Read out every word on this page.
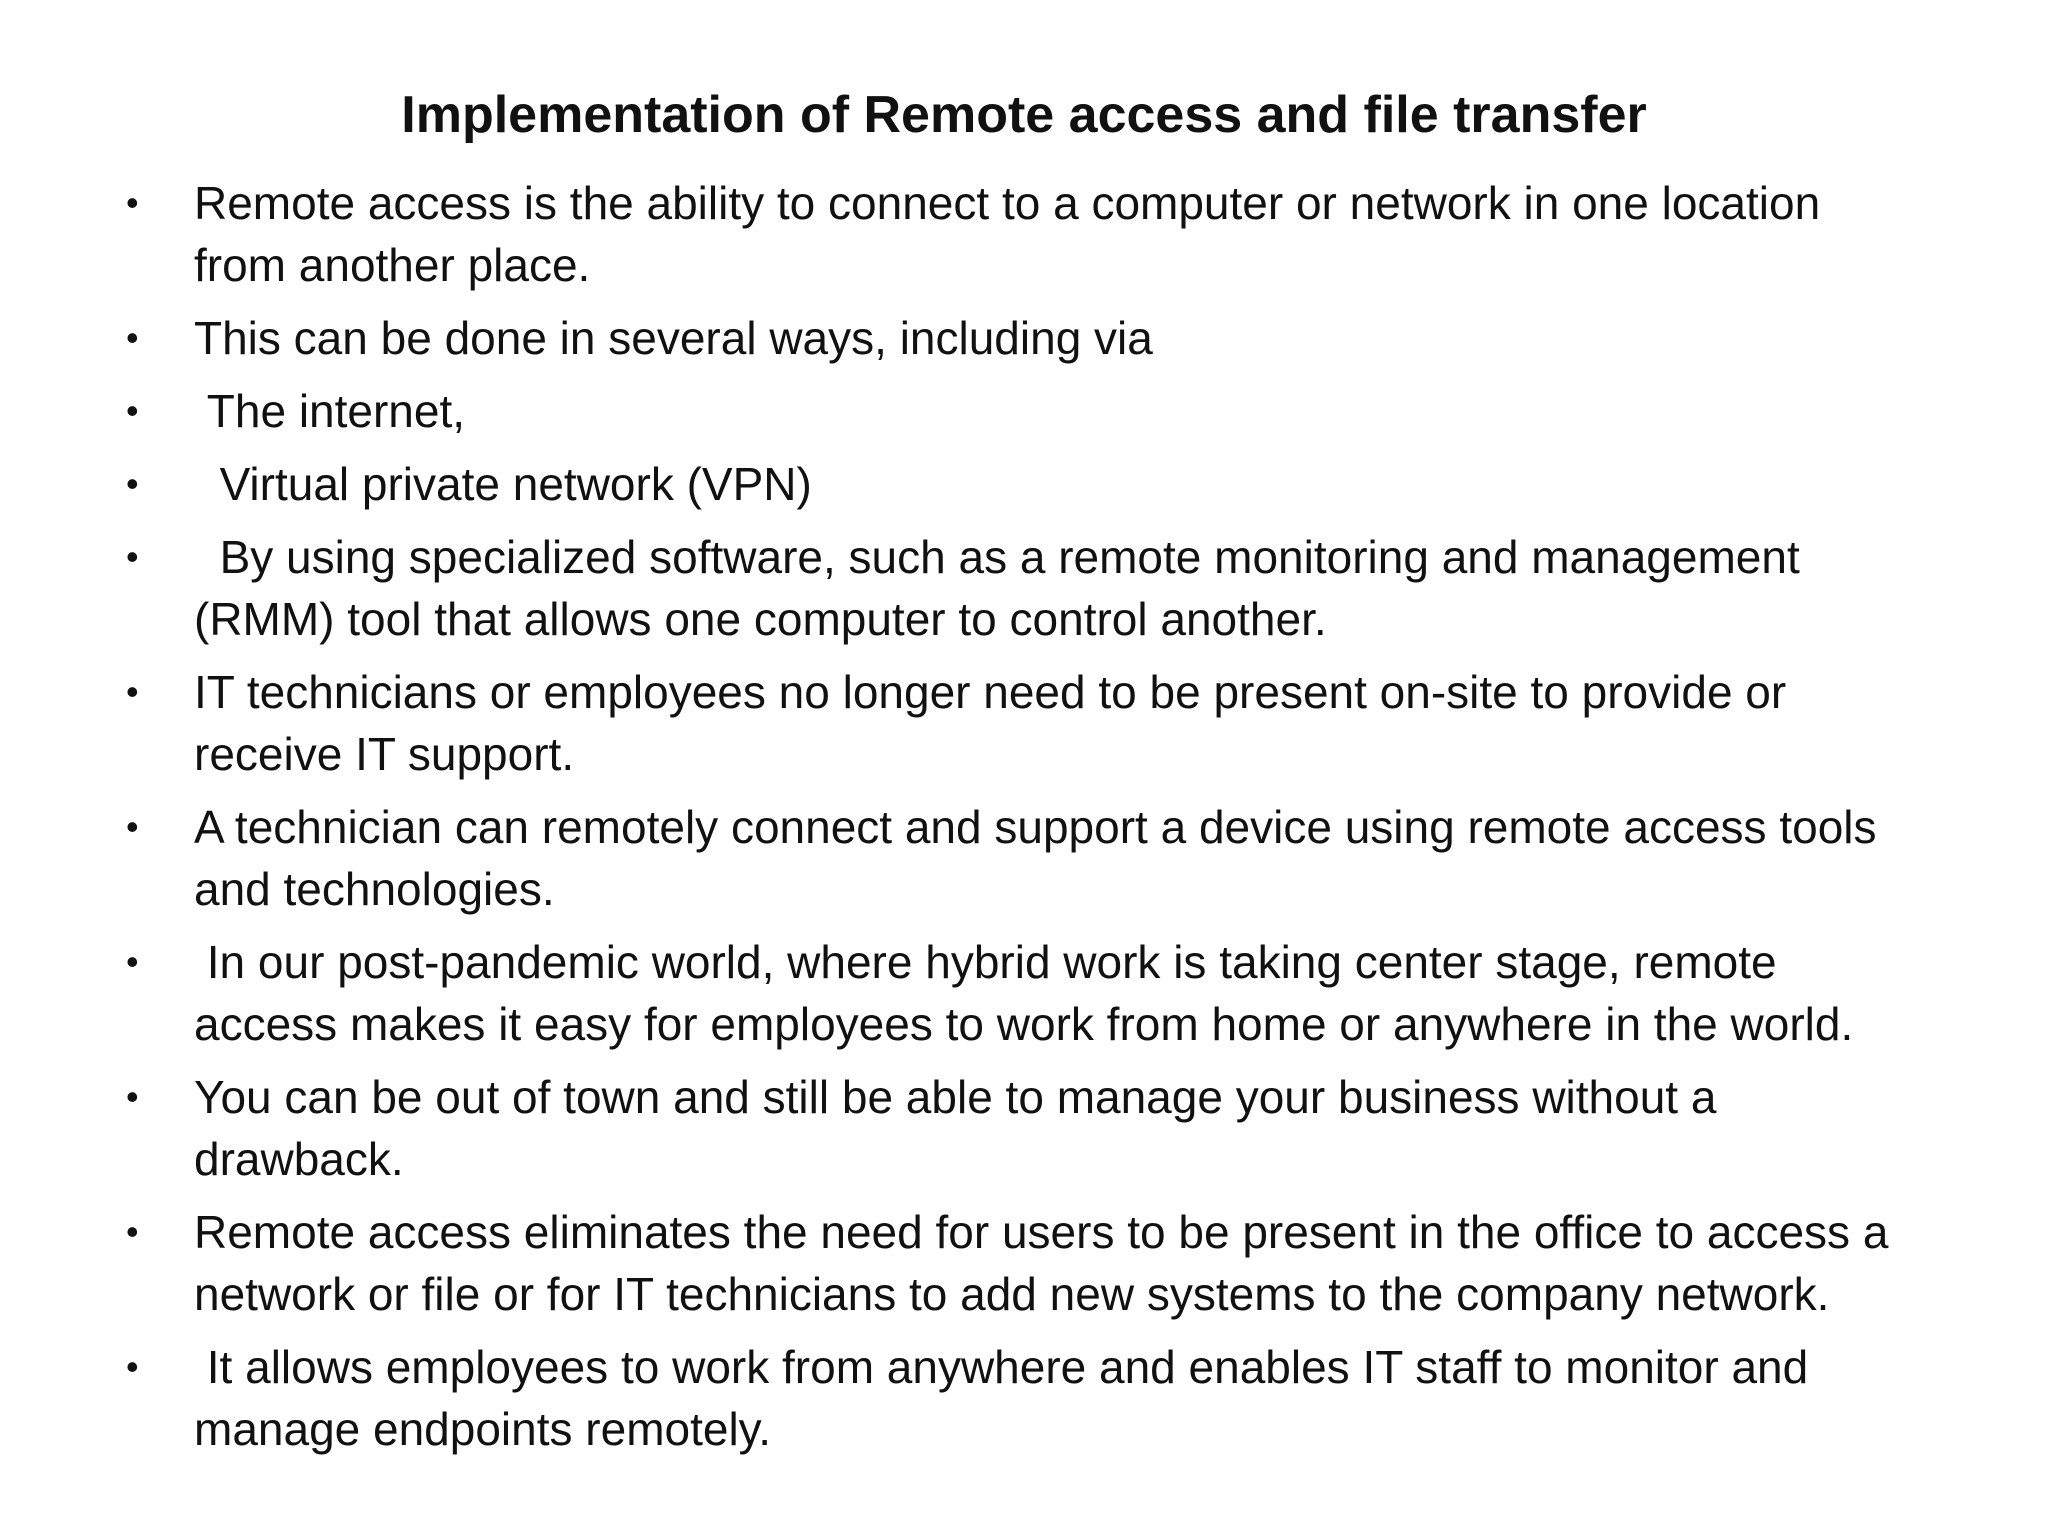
Implementation of Remote access and file transfer
•	Remote access is the ability to connect to a computer or network in one location
from another place.
•	This can be done in several ways, including via
•	The internet,
•	Virtual private network (VPN)
•	By using specialized software, such as a remote monitoring and management
(RMM) tool that allows one computer to control another.
•	IT technicians or employees no longer need to be present on-site to provide or
receive IT support.
•	A technician can remotely connect and support a device using remote access tools
and technologies.
•	In our post-pandemic world, where hybrid work is taking center stage, remote
access makes it easy for employees to work from home or anywhere in the world.
•	You can be out of town and still be able to manage your business without a
drawback.
•	Remote access eliminates the need for users to be present in the office to access a
network or file or for IT technicians to add new systems to the company network.
•	It allows employees to work from anywhere and enables IT staff to monitor and
manage endpoints remotely.
